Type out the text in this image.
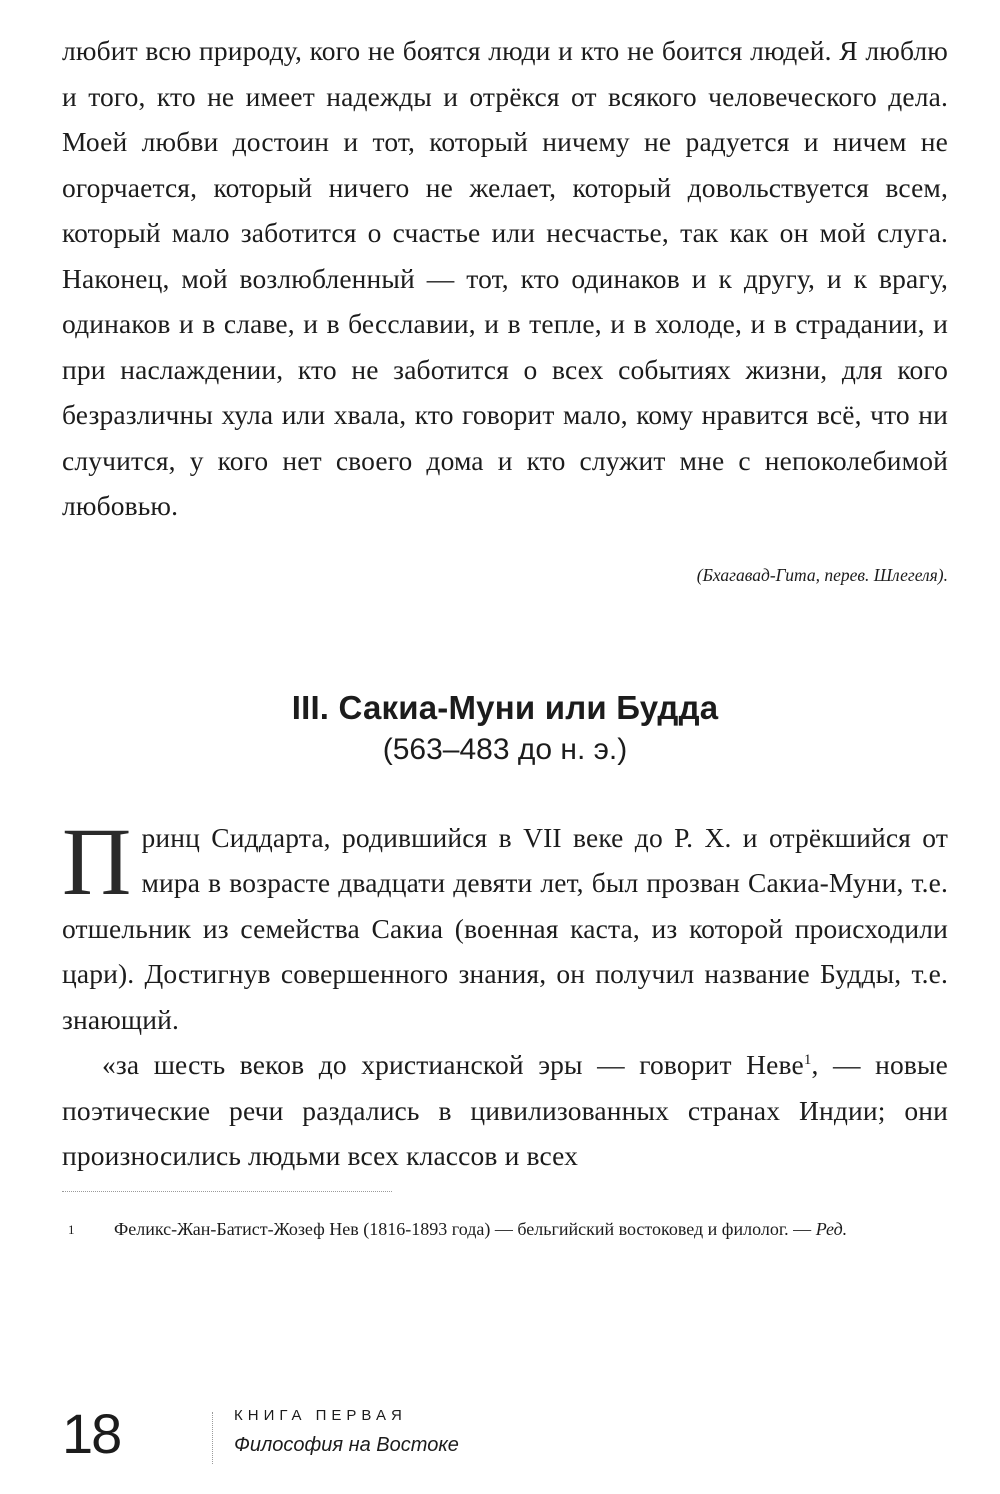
любит всю природу, кого не боятся люди и кто не боится людей. Я люблю и того, кто не имеет надежды и отрёкся от всякого человеческого дела. Моей любви достоин и тот, который ничему не радуется и ничем не огорчается, который ничего не желает, который довольствуется всем, который мало заботится о счастье или несчастье, так как он мой слуга. Наконец, мой возлюбленный — тот, кто одинаков и к другу, и к врагу, одинаков и в славе, и в бесславии, и в тепле, и в холоде, и в страдании, и при наслаждении, кто не заботится о всех событиях жизни, для кого безразличны хула или хвала, кто говорит мало, кому нравится всё, что ни случится, у кого нет своего дома и кто служит мне с непоколебимой любовью.

(Бхагавад-Гита, перев. Шлегеля).

III. Сакиа-Муни или Будда
(563–483 до н. э.)

Принц Сиддарта, родившийся в VII веке до Р. Х. и отрёкшийся от мира в возрасте двадцати девяти лет, был прозван Сакиа-Муни, т.е. отшельник из семейства Сакиа (военная каста, из которой происходили цари). Достигнув совершенного знания, он получил название Будды, т.е. знающий.

«за шесть веков до христианской эры — говорит Неве$^1$, — новые поэтические речи раздались в цивилизованных странах Индии; они произносились людьми всех классов и всех

1 Феликс-Жан-Батист-Жозеф Нев (1816-1893 года) — бельгийский востоковед и филолог. — Ред.
18	КНИГА ПЕРВАЯ
Философия на Востоке
